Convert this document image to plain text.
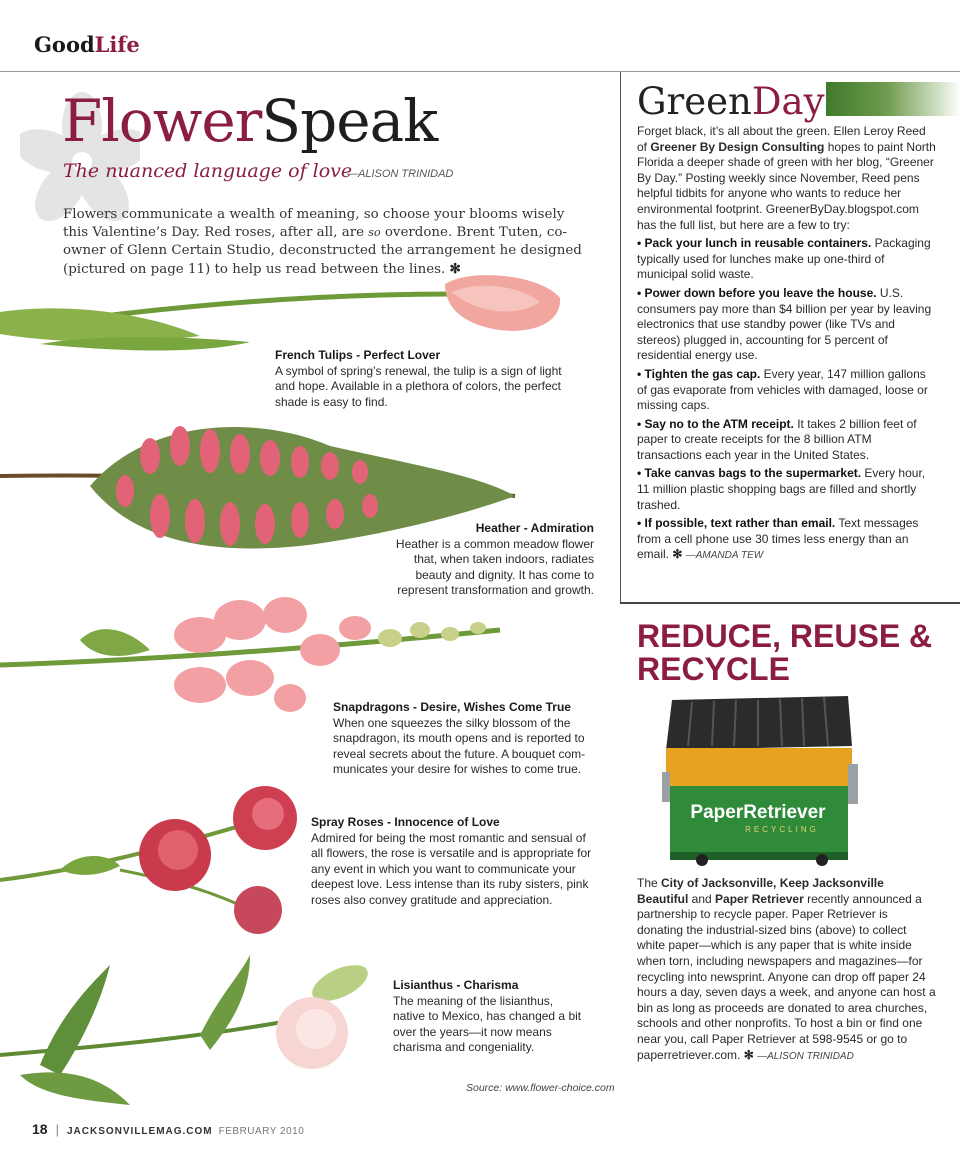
GoodLife
FlowerSpeak
The nuanced language of love
—ALISON TRINIDAD
Flowers communicate a wealth of meaning, so choose your blooms wisely this Valentine’s Day. Red roses, after all, are so overdone. Brent Tuten, co-owner of Glenn Certain Studio, deconstructed the arrangement he designed (pictured on page 11) to help us read between the lines. ✻
French Tulips - Perfect Lover
A symbol of spring’s renewal, the tulip is a sign of light and hope. Available in a plethora of colors, the perfect shade is easy to find.
Heather - Admiration
Heather is a common meadow flower that, when taken indoors, radiates beauty and dignity. It has come to represent transformation and growth.
Snapdragons - Desire, Wishes Come True
When one squeezes the silky blossom of the snapdragon, its mouth opens and is reported to reveal secrets about the future. A bouquet com-municates your desire for wishes to come true.
Spray Roses - Innocence of Love
Admired for being the most romantic and sensual of all flowers, the rose is versatile and is appropriate for any event in which you want to communicate your deepest love. Less intense than its ruby sisters, pink roses also convey gratitude and appreciation.
Lisianthus - Charisma
The meaning of the lisianthus, native to Mexico, has changed a bit over the years—it now means charisma and congeniality.
Source: www.flower-choice.com
GreenDay

Forget black, it’s all about the green. Ellen Leroy Reed of Greener By Design Consulting hopes to paint North Florida a deeper shade of green with her blog, “Greener By Day.” Posting weekly since November, Reed pens helpful tidbits for anyone who wants to reduce her environmental footprint. GreenerByDay.blogspot.com has the full list, but here are a few to try:

• Pack your lunch in reusable containers. Packaging typically used for lunches make up one-third of municipal solid waste.

• Power down before you leave the house. U.S. consumers pay more than $4 billion per year by leaving electronics that use standby power (like TVs and stereos) plugged in, accounting for 5 percent of residential energy use.

• Tighten the gas cap. Every year, 147 million gallons of gas evaporate from vehicles with damaged, loose or missing caps.

• Say no to the ATM receipt. It takes 2 billion feet of paper to create receipts for the 8 billion ATM transactions each year in the United States.

• Take canvas bags to the supermarket. Every hour, 11 million plastic shopping bags are filled and shortly trashed.

• If possible, text rather than email. Text messages from a cell phone use 30 times less energy than an email. ✻ —AMANDA TEW

REDUCE, REUSE & RECYCLE
PaperRetriever
RECYCLING
The City of Jacksonville, Keep Jacksonville Beautiful and Paper Retriever recently announced a partnership to recycle paper. Paper Retriever is donating the industrial-sized bins (above) to collect white paper—which is any paper that is white inside when torn, including newspapers and magazines—for recycling into newsprint. Anyone can drop off paper 24 hours a day, seven days a week, and anyone can host a bin as long as proceeds are donated to area churches, schools and other nonprofits. To host a bin or find one near you, call Paper Retriever at 598-9545 or go to paperretriever.com. ✻ —ALISON TRINIDAD
18 | JACKSONVILLEMAG.COM FEBRUARY 2010
